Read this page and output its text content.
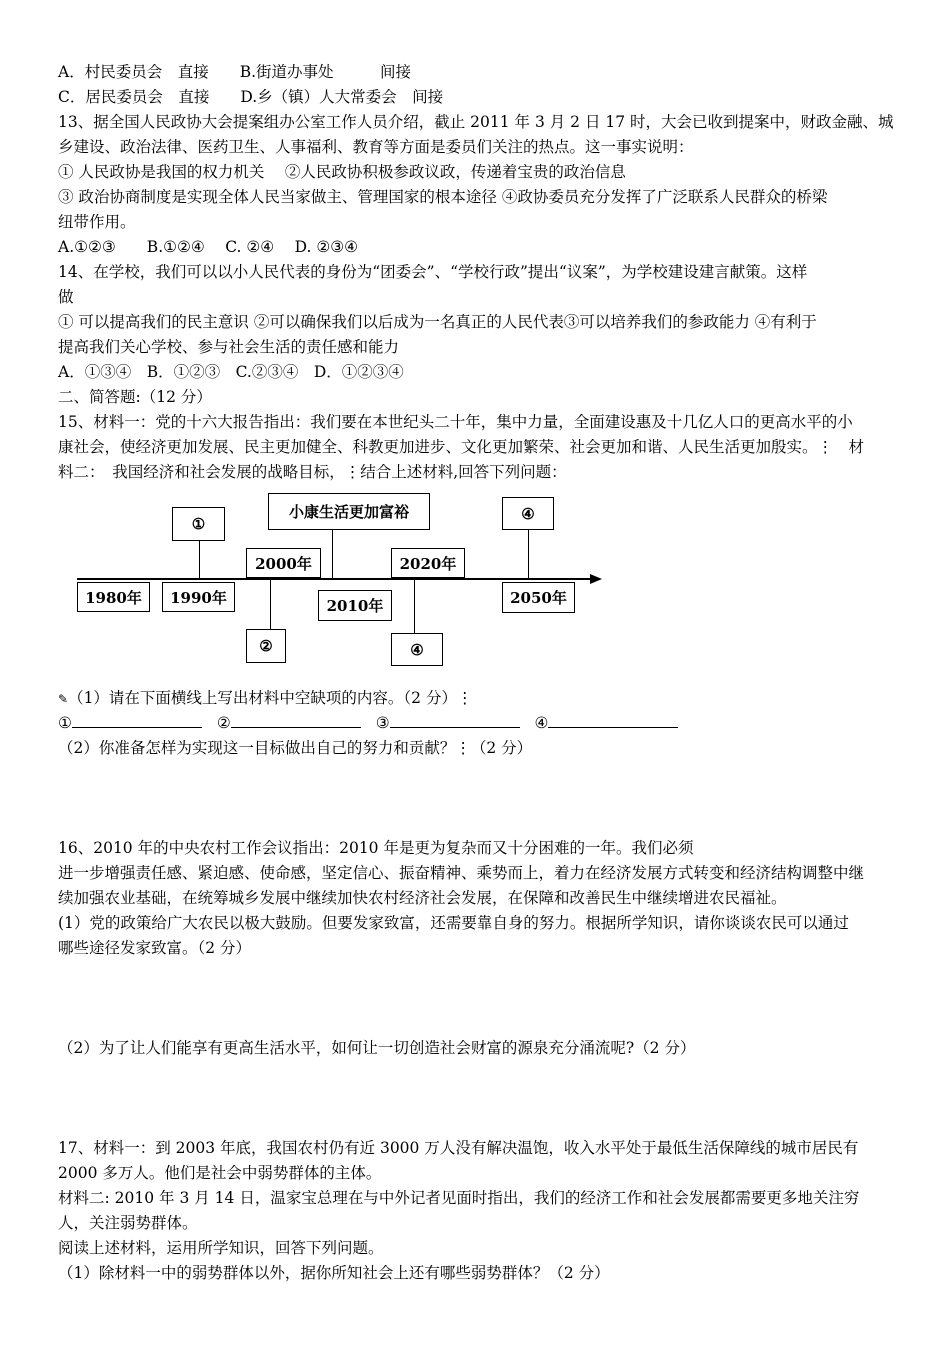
A．村民委员会　直接　　B.街道办事处　　　间接
C．居民委员会　直接　　D.乡（镇）人大常委会　间接
13、据全国人民政协大会提案组办公室工作人员介绍，截止 2011 年 3 月 2 日 17 时，大会已收到提案中，财政金融、城
乡建设、政治法律、医药卫生、人事福利、教育等方面是委员们关注的热点。这一事实说明：
① 人民政协是我国的权力机关　 ②人民政协积极参政议政，传递着宝贵的政治信息
③ 政治协商制度是实现全体人民当家做主、管理国家的根本途径 ④政协委员充分发挥了广泛联系人民群众的桥梁
纽带作用。
A.①②③　　B.①②④　 C. ②④　 D. ②③④
14、在学校，我们可以以小人民代表的身份为“团委会”、“学校行政”提出“议案”，为学校建设建言献策。这样
做
① 可以提高我们的民主意识 ②可以确保我们以后成为一名真正的人民代表③可以培养我们的参政能力 ④有利于
提高我们关心学校、参与社会生活的责任感和能力
A．①③④　B．①②③　C.②③④　D．①②③④
二、简答题:（12 分）
15、材料一：党的十六大报告指出：我们要在本世纪头二十年，集中力量，全面建设惠及十几亿人口的更高水平的小
康社会，使经济更加发展、民主更加健全、科教更加进步、文化更加繁荣、社会更加和谐、人民生活更加殷实。⋮　材
料二：　我国经济和社会发展的战略目标，⋮结合上述材料,回答下列问题：
①
小康生活更加富裕	④
2000年	2020年
1980年	1990年	2010年	2050年
②	④
✎（1）请在下面横线上写出材料中空缺项的内容。（2 分）⋮
①	②	③	④
（2）你准备怎样为实现这一目标做出自己的努力和贡献？⋮（2 分）
16、2010 年的中央农村工作会议指出：2010 年是更为复杂而又十分困难的一年。我们必须
进一步增强责任感、紧迫感、使命感，坚定信心、振奋精神、乘势而上，着力在经济发展方式转变和经济结构调整中继
续加强农业基础，在统筹城乡发展中继续加快农村经济社会发展，在保障和改善民生中继续增进农民福祉。
(1）党的政策给广大农民以极大鼓励。但要发家致富，还需要靠自身的努力。根据所学知识，请你谈谈农民可以通过
哪些途径发家致富。（2 分）
（2）为了让人们能享有更高生活水平，如何让一切创造社会财富的源泉充分涌流呢?（2 分）
17、材料一：到 2003 年底，我国农村仍有近 3000 万人没有解决温饱，收入水平处于最低生活保障线的城市居民有
2000 多万人。他们是社会中弱势群体的主体。
材料二: 2010 年 3 月 14 日，温家宝总理在与中外记者见面时指出，我们的经济工作和社会发展都需要更多地关注穷
人，关注弱势群体。
阅读上述材料，运用所学知识，回答下列问题。
（1）除材料一中的弱势群体以外，据你所知社会上还有哪些弱势群体？（2 分）
